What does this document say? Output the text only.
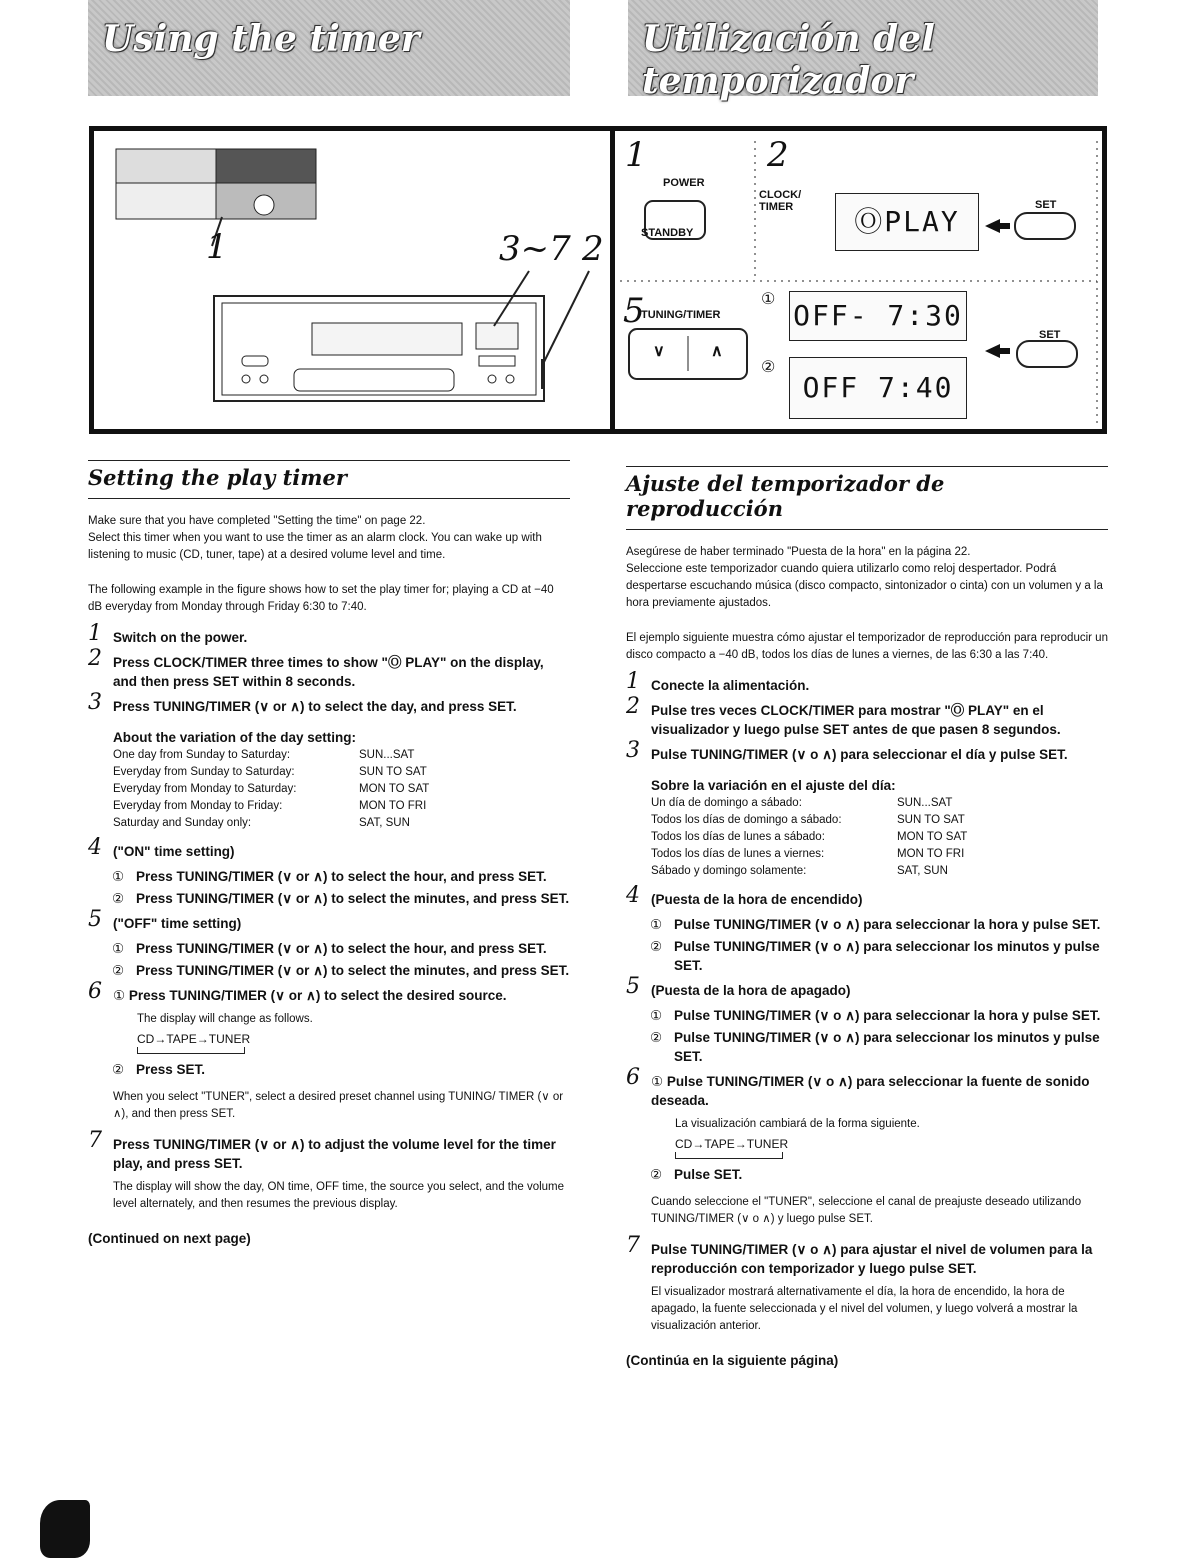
Using the timer	Utilización del temporizador
1	3~7 2
1	2
POWER
STANDBY
CLOCK/ TIMER	ⓄPLAY	SET
5
TUNING/TIMER
∨	∧
① OFF- 7:30
②
OFF 7:40
SET
Setting the play timer

Make sure that you have completed "Setting the time" on page 22.
Select this timer when you want to use the timer as an alarm clock. You can wake up with listening to music (CD, tuner, tape) at a desired volume level and time.

The following example in the figure shows how to set the play timer for; playing a CD at −40 dB everyday from Monday through Friday 6:30 to 7:40.

1 Switch on the power.
2 Press CLOCK/TIMER three times to show "Ⓞ PLAY" on the display, and then press SET within 8 seconds.
3 Press TUNING/TIMER (∨ or ∧) to select the day, and press SET.
About the variation of the day setting:
One day from Sunday to Saturday:	SUN...SAT
Everyday from Sunday to Saturday:	SUN TO SAT
Everyday from Monday to Saturday:	MON TO SAT
Everyday from Monday to Friday:	MON TO FRI
Saturday and Sunday only:	SAT, SUN
4 ("ON" time setting)
① Press TUNING/TIMER (∨ or ∧) to select the hour, and press SET.
② Press TUNING/TIMER (∨ or ∧) to select the minutes, and press SET.
5 ("OFF" time setting)
① Press TUNING/TIMER (∨ or ∧) to select the hour, and press SET.
② Press TUNING/TIMER (∨ or ∧) to select the minutes, and press SET.
6 ① Press TUNING/TIMER (∨ or ∧) to select the desired source.
The display will change as follows.
CD→TAPE→TUNER
② Press SET.
When you select "TUNER", select a desired preset channel using TUNING/ TIMER (∨ or ∧), and then press SET.
7 Press TUNING/TIMER (∨ or ∧) to adjust the volume level for the timer play, and press SET.
The display will show the day, ON time, OFF time, the source you select, and the volume level alternately, and then resumes the previous display.
(Continued on next page)
Ajuste del temporizador de reproducción

Asegúrese de haber terminado "Puesta de la hora" en la página 22.
Seleccione este temporizador cuando quiera utilizarlo como reloj despertador. Podrá despertarse escuchando música (disco compacto, sintonizador o cinta) con un volumen y a la hora previamente ajustados.

El ejemplo siguiente muestra cómo ajustar el temporizador de reproducción para reproducir un disco compacto a −40 dB, todos los días de lunes a viernes, de las 6:30 a las 7:40.

1 Conecte la alimentación.
2 Pulse tres veces CLOCK/TIMER para mostrar "Ⓞ PLAY" en el visualizador y luego pulse SET antes de que pasen 8 segundos.
3 Pulse TUNING/TIMER (∨ o ∧) para seleccionar el día y pulse SET.
Sobre la variación en el ajuste del día:
Un día de domingo a sábado:	SUN...SAT
Todos los días de domingo a sábado:	SUN TO SAT
Todos los días de lunes a sábado:	MON TO SAT
Todos los días de lunes a viernes:	MON TO FRI
Sábado y domingo solamente:	SAT, SUN
4 (Puesta de la hora de encendido)
① Pulse TUNING/TIMER (∨ o ∧) para seleccionar la hora y pulse SET.
② Pulse TUNING/TIMER (∨ o ∧) para seleccionar los minutos y pulse SET.
5 (Puesta de la hora de apagado)
① Pulse TUNING/TIMER (∨ o ∧) para seleccionar la hora y pulse SET.
② Pulse TUNING/TIMER (∨ o ∧) para seleccionar los minutos y pulse SET.
6 ① Pulse TUNING/TIMER (∨ o ∧) para seleccionar la fuente de sonido deseada.
La visualización cambiará de la forma siguiente.
CD→TAPE→TUNER
② Pulse SET.
Cuando seleccione el "TUNER", seleccione el canal de preajuste deseado utilizando TUNING/TIMER (∨ o ∧) y luego pulse SET.
7 Pulse TUNING/TIMER (∨ o ∧) para ajustar el nivel de volumen para la reproducción con temporizador y luego pulse SET.
El visualizador mostrará alternativamente el día, la hora de encendido, la hora de apagado, la fuente seleccionada y el nivel del volumen, y luego volverá a mostrar la visualización anterior.
(Continúa en la siguiente página)
